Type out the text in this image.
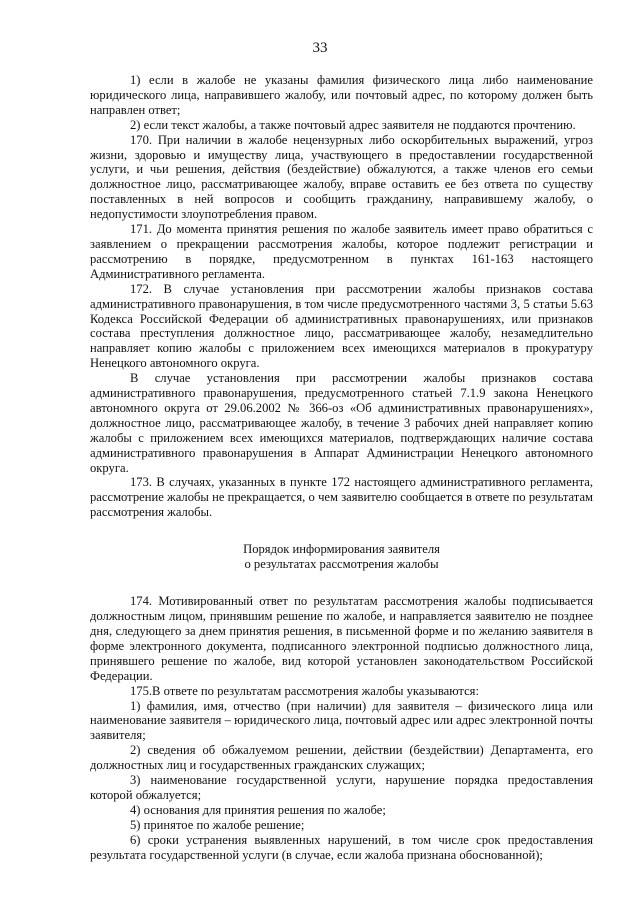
33

1) если в жалобе не указаны фамилия физического лица либо наименование юридического лица, направившего жалобу, или почтовый адрес, по которому должен быть направлен ответ;

2) если текст жалобы, а также почтовый адрес заявителя не поддаются прочтению.

170. При наличии в жалобе нецензурных либо оскорбительных выражений, угроз жизни, здоровью и имуществу лица, участвующего в предоставлении государственной услуги, и чьи решения, действия (бездействие) обжалуются, а также членов его семьи должностное лицо, рассматривающее жалобу, вправе оставить ее без ответа по существу поставленных в ней вопросов и сообщить гражданину, направившему жалобу, о недопустимости злоупотребления правом.

171. До момента принятия решения по жалобе заявитель имеет право обратиться с заявлением о прекращении рассмотрения жалобы, которое подлежит регистрации и рассмотрению в порядке, предусмотренном в пунктах 161-163 настоящего Административного регламента.

172. В случае установления при рассмотрении жалобы признаков состава административного правонарушения, в том числе предусмотренного частями 3, 5 статьи 5.63 Кодекса Российской Федерации об административных правонарушениях, или признаков состава преступления должностное лицо, рассматривающее жалобу, незамедлительно направляет копию жалобы с приложением всех имеющихся материалов в прокуратуру Ненецкого автономного округа.

В случае установления при рассмотрении жалобы признаков состава административного правонарушения, предусмотренного статьей 7.1.9 закона Ненецкого автономного округа от 29.06.2002 № 366-оз «Об административных правонарушениях», должностное лицо, рассматривающее жалобу, в течение 3 рабочих дней направляет копию жалобы с приложением всех имеющихся материалов, подтверждающих наличие состава административного правонарушения в Аппарат Администрации Ненецкого автономного округа.

173. В случаях, указанных в пункте 172 настоящего административного регламента, рассмотрение жалобы не прекращается, о чем заявителю сообщается в ответе по результатам рассмотрения жалобы.

Порядок информирования заявителя
о результатах рассмотрения жалобы

174. Мотивированный ответ по результатам рассмотрения жалобы подписывается должностным лицом, принявшим решение по жалобе, и направляется заявителю не позднее дня, следующего за днем принятия решения, в письменной форме и по желанию заявителя в форме электронного документа, подписанного электронной подписью должностного лица, принявшего решение по жалобе, вид которой установлен законодательством Российской Федерации.

175.В ответе по результатам рассмотрения жалобы указываются:

1) фамилия, имя, отчество (при наличии) для заявителя – физического лица или наименование заявителя – юридического лица, почтовый адрес или адрес электронной почты заявителя;

2) сведения об обжалуемом решении, действии (бездействии) Департамента, его должностных лиц и государственных гражданских служащих;

3) наименование государственной услуги, нарушение порядка предоставления которой обжалуется;

4) основания для принятия решения по жалобе;

5) принятое по жалобе решение;

6) сроки устранения выявленных нарушений, в том числе срок предоставления результата государственной услуги (в случае, если жалоба признана обоснованной);
